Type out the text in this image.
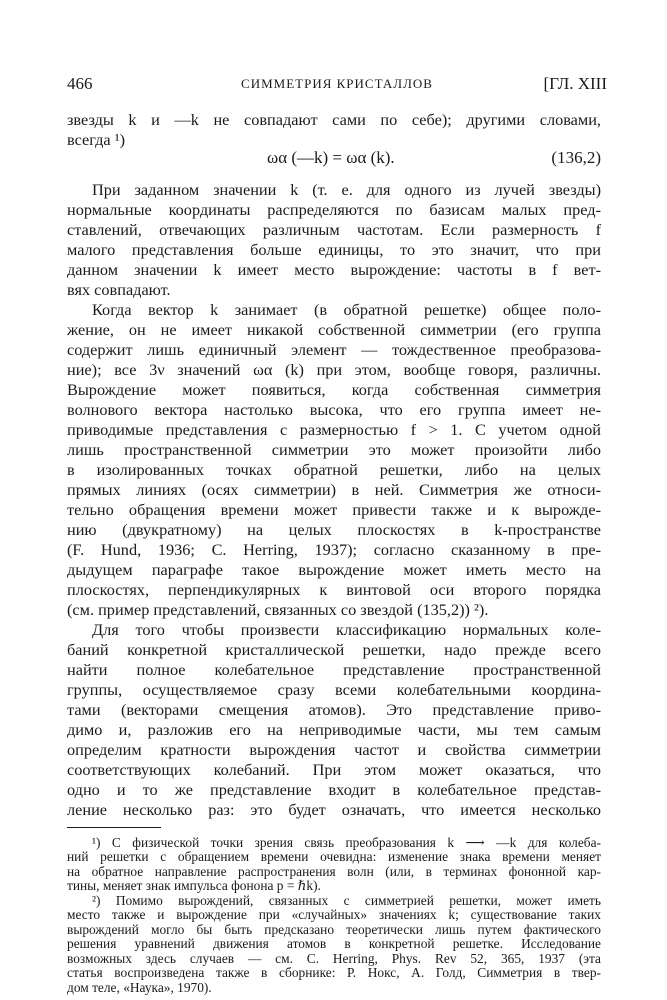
466	СИММЕТРИЯ КРИСТАЛЛОВ	[ГЛ. XIII
звезды k и —k не совпадают сами по себе); другими словами,
всегда ¹)
ωα (—k) = ωα (k).	(136,2)
При заданном значении k (т. е. для одного из лучей звезды)
нормальные координаты распределяются по базисам малых пред-
ставлений, отвечающих различным частотам. Если размерность f
малого представления больше единицы, то это значит, что при
данном значении k имеет место вырождение: частоты в f вет-
вях совпадают.
Когда вектор k занимает (в обратной решетке) общее поло-
жение, он не имеет никакой собственной симметрии (его группа
содержит лишь единичный элемент — тождественное преобразова-
ние); все 3ν значений ωα (k) при этом, вообще говоря, различны.
Вырождение может появиться, когда собственная симметрия
волнового вектора настолько высока, что его группа имеет не-
приводимые представления с размерностью f > 1. С учетом одной
лишь пространственной симметрии это может произойти либо
в изолированных точках обратной решетки, либо на целых
прямых линиях (осях симметрии) в ней. Симметрия же относи-
тельно обращения времени может привести также и к вырожде-
нию (двукратному) на целых плоскостях в k-пространстве
(F. Hund, 1936; C. Herring, 1937); согласно сказанному в пре-
дыдущем параграфе такое вырождение может иметь место на
плоскостях, перпендикулярных к винтовой оси второго порядка
(см. пример представлений, связанных со звездой (135,2)) ²).
Для того чтобы произвести классификацию нормальных коле-
баний конкретной кристаллической решетки, надо прежде всего
найти полное колебательное представление пространственной
группы, осуществляемое сразу всеми колебательными координа-
тами (векторами смещения атомов). Это представление приво-
димо и, разложив его на неприводимые части, мы тем самым
определим кратности вырождения частот и свойства симметрии
соответствующих колебаний. При этом может оказаться, что
одно и то же представление входит в колебательное представ-
ление несколько раз: это будет означать, что имеется несколько
¹) С физической точки зрения связь преобразования k ⟶ —k для колеба-
ний решетки с обращением времени очевидна: изменение знака времени меняет
на обратное направление распространения волн (или, в терминах фононной кар-
тины, меняет знак импульса фонона p = ℏk).
²) Помимо вырождений, связанных с симметрией решетки, может иметь
место также и вырождение при «случайных» значениях k; существование таких
вырождений могло бы быть предсказано теоретически лишь путем фактического
решения уравнений движения атомов в конкретной решетке. Исследование
возможных здесь случаев — см. C. Herring, Phys. Rev 52, 365, 1937 (эта
статья воспроизведена также в сборнике: Р. Нокс, А. Голд, Симметрия в твер-
дом теле, «Наука», 1970).
